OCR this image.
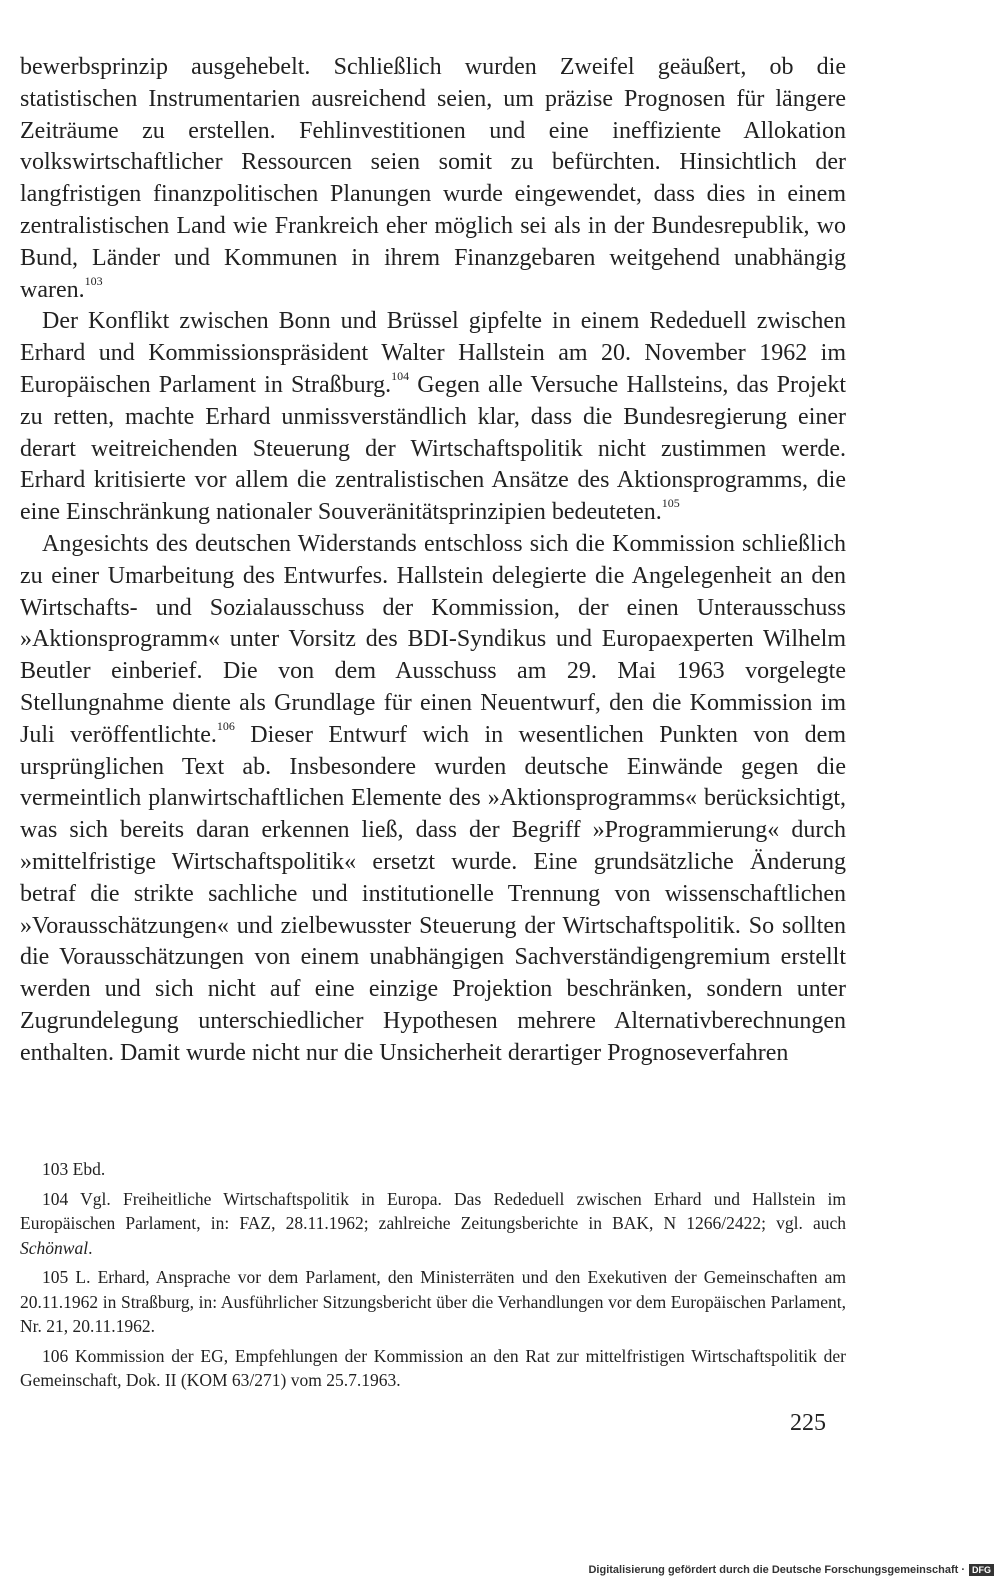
bewerbsprinzip ausgehebelt. Schließlich wurden Zweifel geäußert, ob die statistischen Instrumentarien ausreichend seien, um präzise Prognosen für längere Zeiträume zu erstellen. Fehlinvestitionen und eine ineffiziente Allokation volkswirtschaftlicher Ressourcen seien somit zu befürchten. Hinsichtlich der langfristigen finanzpolitischen Planungen wurde eingewendet, dass dies in einem zentralistischen Land wie Frankreich eher möglich sei als in der Bundesrepublik, wo Bund, Länder und Kommunen in ihrem Finanzgebaren weitgehend unabhängig waren.$^{103}$

Der Konflikt zwischen Bonn und Brüssel gipfelte in einem Rededuell zwischen Erhard und Kommissionspräsident Walter Hallstein am 20. November 1962 im Europäischen Parlament in Straßburg.$^{104}$ Gegen alle Versuche Hallsteins, das Projekt zu retten, machte Erhard unmissverständlich klar, dass die Bundesregierung einer derart weitreichenden Steuerung der Wirtschaftspolitik nicht zustimmen werde. Erhard kritisierte vor allem die zentralistischen Ansätze des Aktionsprogramms, die eine Einschränkung nationaler Souveränitätsprinzipien bedeuteten.$^{105}$

Angesichts des deutschen Widerstands entschloss sich die Kommission schließlich zu einer Umarbeitung des Entwurfes. Hallstein delegierte die Angelegenheit an den Wirtschafts- und Sozialausschuss der Kommission, der einen Unterausschuss »Aktionsprogramm« unter Vorsitz des BDI-Syndikus und Europaexperten Wilhelm Beutler einberief. Die von dem Ausschuss am 29. Mai 1963 vorgelegte Stellungnahme diente als Grundlage für einen Neuentwurf, den die Kommission im Juli veröffentlichte.$^{106}$ Dieser Entwurf wich in wesentlichen Punkten von dem ursprünglichen Text ab. Insbesondere wurden deutsche Einwände gegen die vermeintlich planwirtschaftlichen Elemente des »Aktionsprogramms« berücksichtigt, was sich bereits daran erkennen ließ, dass der Begriff »Programmierung« durch »mittelfristige Wirtschaftspolitik« ersetzt wurde. Eine grundsätzliche Änderung betraf die strikte sachliche und institutionelle Trennung von wissenschaftlichen »Vorausschätzungen« und zielbewusster Steuerung der Wirtschaftspolitik. So sollten die Vorausschätzungen von einem unabhängigen Sachverständigengremium erstellt werden und sich nicht auf eine einzige Projektion beschränken, sondern unter Zugrundelegung unterschiedlicher Hypothesen mehrere Alternativberechnungen enthalten. Damit wurde nicht nur die Unsicherheit derartiger Prognoseverfahren

103 Ebd.

104 Vgl. Freiheitliche Wirtschaftspolitik in Europa. Das Rededuell zwischen Erhard und Hallstein im Europäischen Parlament, in: FAZ, 28.11.1962; zahlreiche Zeitungsberichte in BAK, N 1266/2422; vgl. auch Schönwal.

105 L. Erhard, Ansprache vor dem Parlament, den Ministerräten und den Exekutiven der Gemeinschaften am 20.11.1962 in Straßburg, in: Ausführlicher Sitzungsbericht über die Verhandlungen vor dem Europäischen Parlament, Nr. 21, 20.11.1962.

106 Kommission der EG, Empfehlungen der Kommission an den Rat zur mittelfristigen Wirtschaftspolitik der Gemeinschaft, Dok. II (KOM 63/271) vom 25.7.1963.

225
Digitalisierung gefördert durch die Deutsche Forschungsgemeinschaft · DFG
